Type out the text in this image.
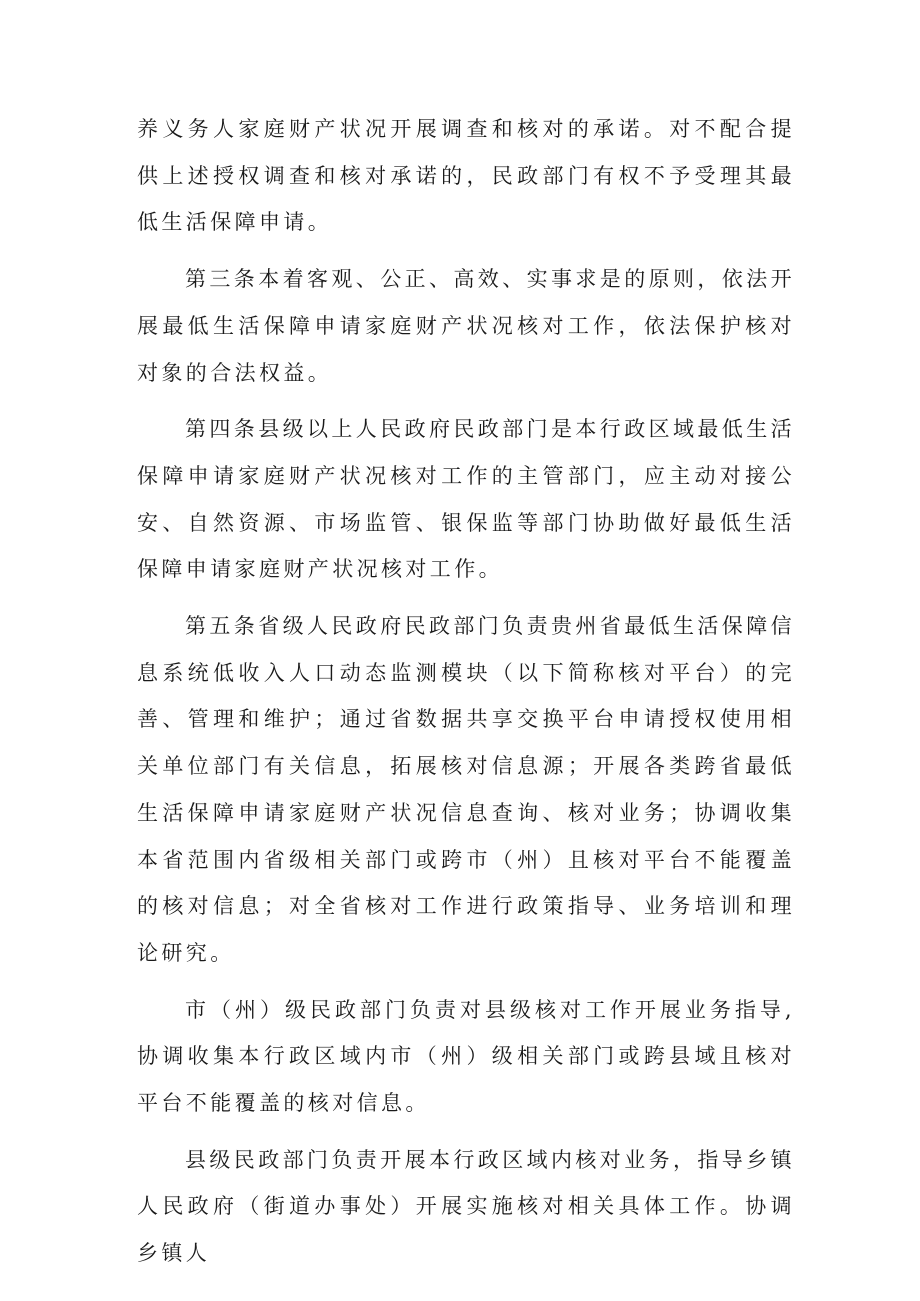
养义务人家庭财产状况开展调查和核对的承诺。对不配合提供上述授权调查和核对承诺的，民政部门有权不予受理其最低生活保障申请。

第三条本着客观、公正、高效、实事求是的原则，依法开展最低生活保障申请家庭财产状况核对工作，依法保护核对对象的合法权益。

第四条县级以上人民政府民政部门是本行政区域最低生活保障申请家庭财产状况核对工作的主管部门，应主动对接公安、自然资源、市场监管、银保监等部门协助做好最低生活保障申请家庭财产状况核对工作。

第五条省级人民政府民政部门负责贵州省最低生活保障信息系统低收入人口动态监测模块（以下简称核对平台）的完善、管理和维护；通过省数据共享交换平台申请授权使用相关单位部门有关信息，拓展核对信息源；开展各类跨省最低生活保障申请家庭财产状况信息查询、核对业务；协调收集本省范围内省级相关部门或跨市（州）且核对平台不能覆盖的核对信息；对全省核对工作进行政策指导、业务培训和理论研究。

市（州）级民政部门负责对县级核对工作开展业务指导,协调收集本行政区域内市（州）级相关部门或跨县域且核对平台不能覆盖的核对信息。

县级民政部门负责开展本行政区域内核对业务，指导乡镇人民政府（街道办事处）开展实施核对相关具体工作。协调乡镇人
